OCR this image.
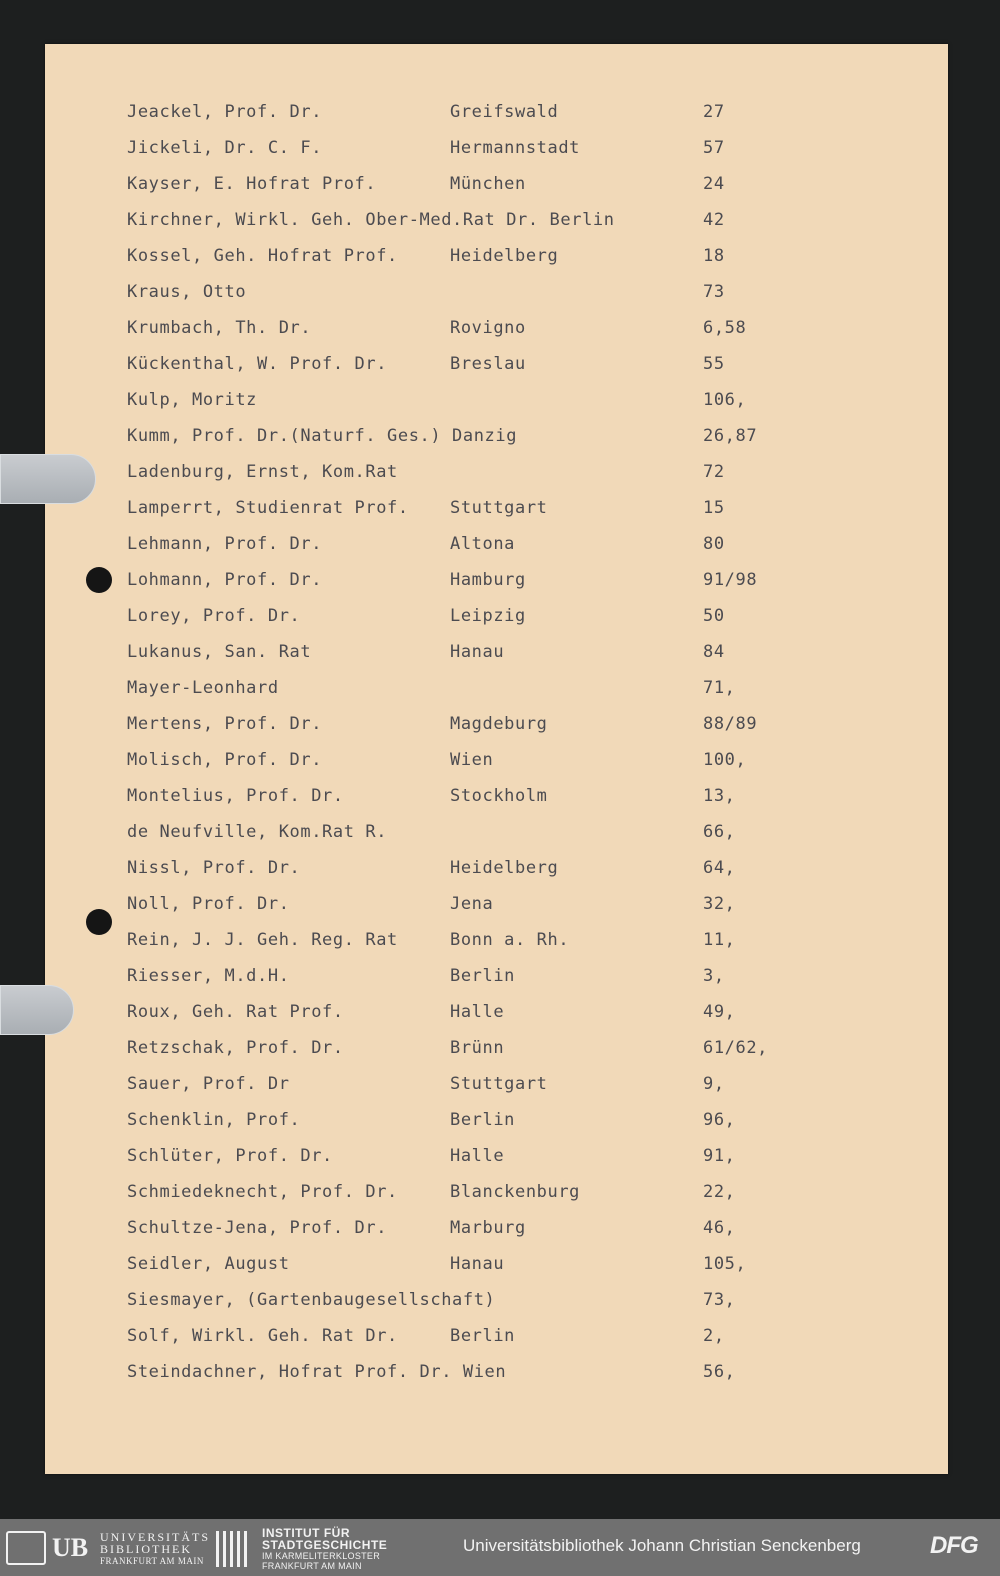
Jeackel, Prof. Dr.	Greifswald	27
Jickeli, Dr. C. F.	Hermannstadt	57
Kayser, E. Hofrat Prof.	München	24
Kirchner, Wirkl. Geh. Ober-Med.Rat Dr. Berlin	42
Kossel, Geh. Hofrat Prof.	Heidelberg	18
Kraus, Otto	73
Krumbach, Th. Dr.	Rovigno	6,58
Kückenthal, W. Prof. Dr.	Breslau	55
Kulp, Moritz	106,
Kumm, Prof. Dr.(Naturf. Ges.) Danzig	26,87
Ladenburg, Ernst, Kom.Rat	72
Lamperrt, Studienrat Prof. Stuttgart	15
Lehmann, Prof. Dr.	Altona	80
Lohmann, Prof. Dr.	Hamburg	91/98
Lorey, Prof. Dr.	Leipzig	50
Lukanus, San. Rat	Hanau	84
Mayer-Leonhard	71,
Mertens, Prof. Dr.	Magdeburg	88/89
Molisch, Prof. Dr.	Wien	100,
Montelius, Prof. Dr.	Stockholm	13,
de Neufville, Kom.Rat R.	66,
Nissl, Prof. Dr.	Heidelberg	64,
Noll, Prof. Dr.	Jena	32,
Rein, J. J. Geh. Reg. Rat	Bonn a. Rh.	11,
Riesser, M.d.H.	Berlin	3,
Roux, Geh. Rat Prof.	Halle	49,
Retzschak, Prof. Dr.	Brünn	61/62,
Sauer, Prof. Dr	Stuttgart	9,
Schenklin, Prof.	Berlin	96,
Schlüter, Prof. Dr.	Halle	91,
Schmiedeknecht, Prof. Dr.	Blanckenburg	22,
Schultze-Jena, Prof. Dr.	Marburg	46,
Seidler, August	Hanau	105,
Siesmayer, (Gartenbaugesellschaft)	73,
Solf, Wirkl. Geh. Rat Dr.	Berlin	2,
Steindachner, Hofrat Prof. Dr. Wien	56,
UB UNIVERSITÄTS
BIBLIOTHEK
FRANKFURT AM MAIN
INSTITUT FÜR
STADTGESCHICHTE
IM KARMELITERKLOSTER
FRANKFURT AM MAIN
Universitätsbibliothek Johann Christian Senckenberg	DFG
